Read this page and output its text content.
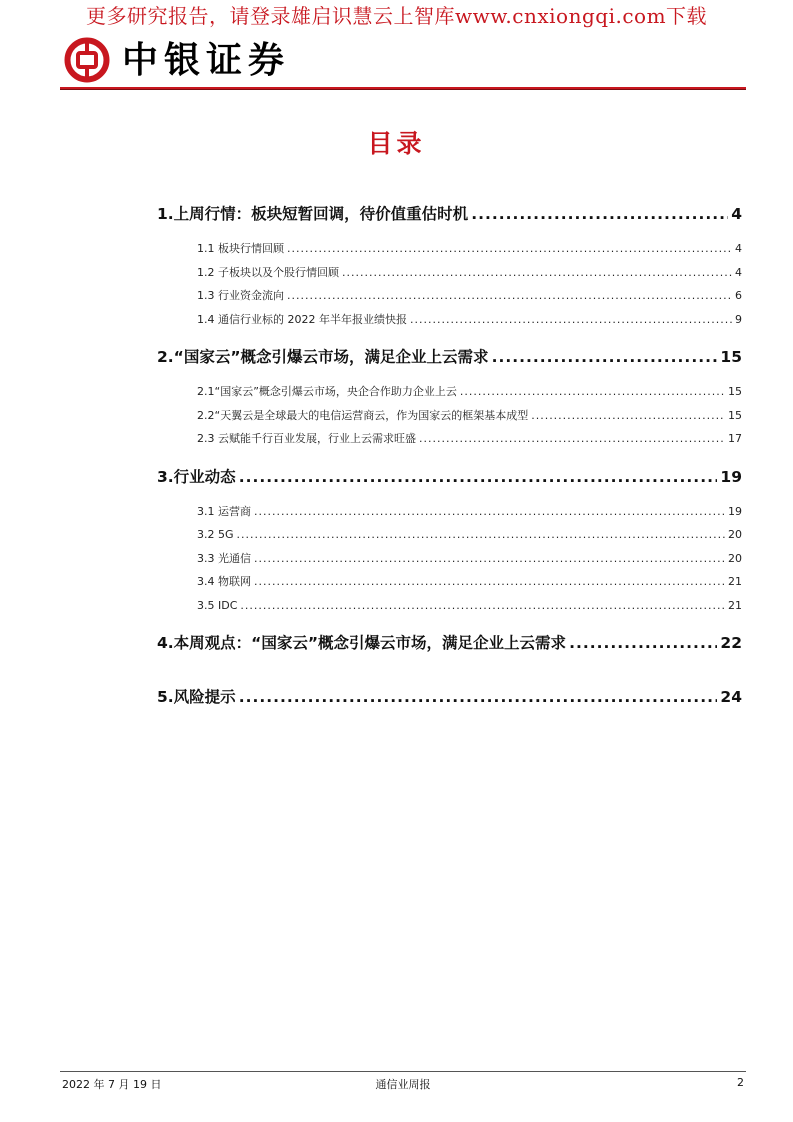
更多研究报告，请登录雄启识慧云上智库www.cnxiongqi.com下载
中银证券
目录
1.上周行情：板块短暂回调，待价值重估时机 .....	4
1.1 板块行情回顾 .....	4
1.2 子板块以及个股行情回顾 .....	4
1.3 行业资金流向 .....	6
1.4 通信行业标的 2022 年半年报业绩快报 .....	9
2.“国家云”概念引爆云市场，满足企业上云需求 .....	15
2.1“国家云”概念引爆云市场，央企合作助力企业上云 .....	15
2.2“天翼云是全球最大的电信运营商云，作为国家云的框架基本成型 .....	15
2.3 云赋能千行百业发展，行业上云需求旺盛 .....	17
3.行业动态 .....	19
3.1 运营商 .....	19
3.2 5G .....	20
3.3 光通信 .....	20
3.4 物联网 .....	21
3.5 IDC .....	21
4.本周观点：“国家云”概念引爆云市场，满足企业上云需求 .....	22
5.风险提示 .....	24
2022 年 7 月 19 日	通信业周报	2
